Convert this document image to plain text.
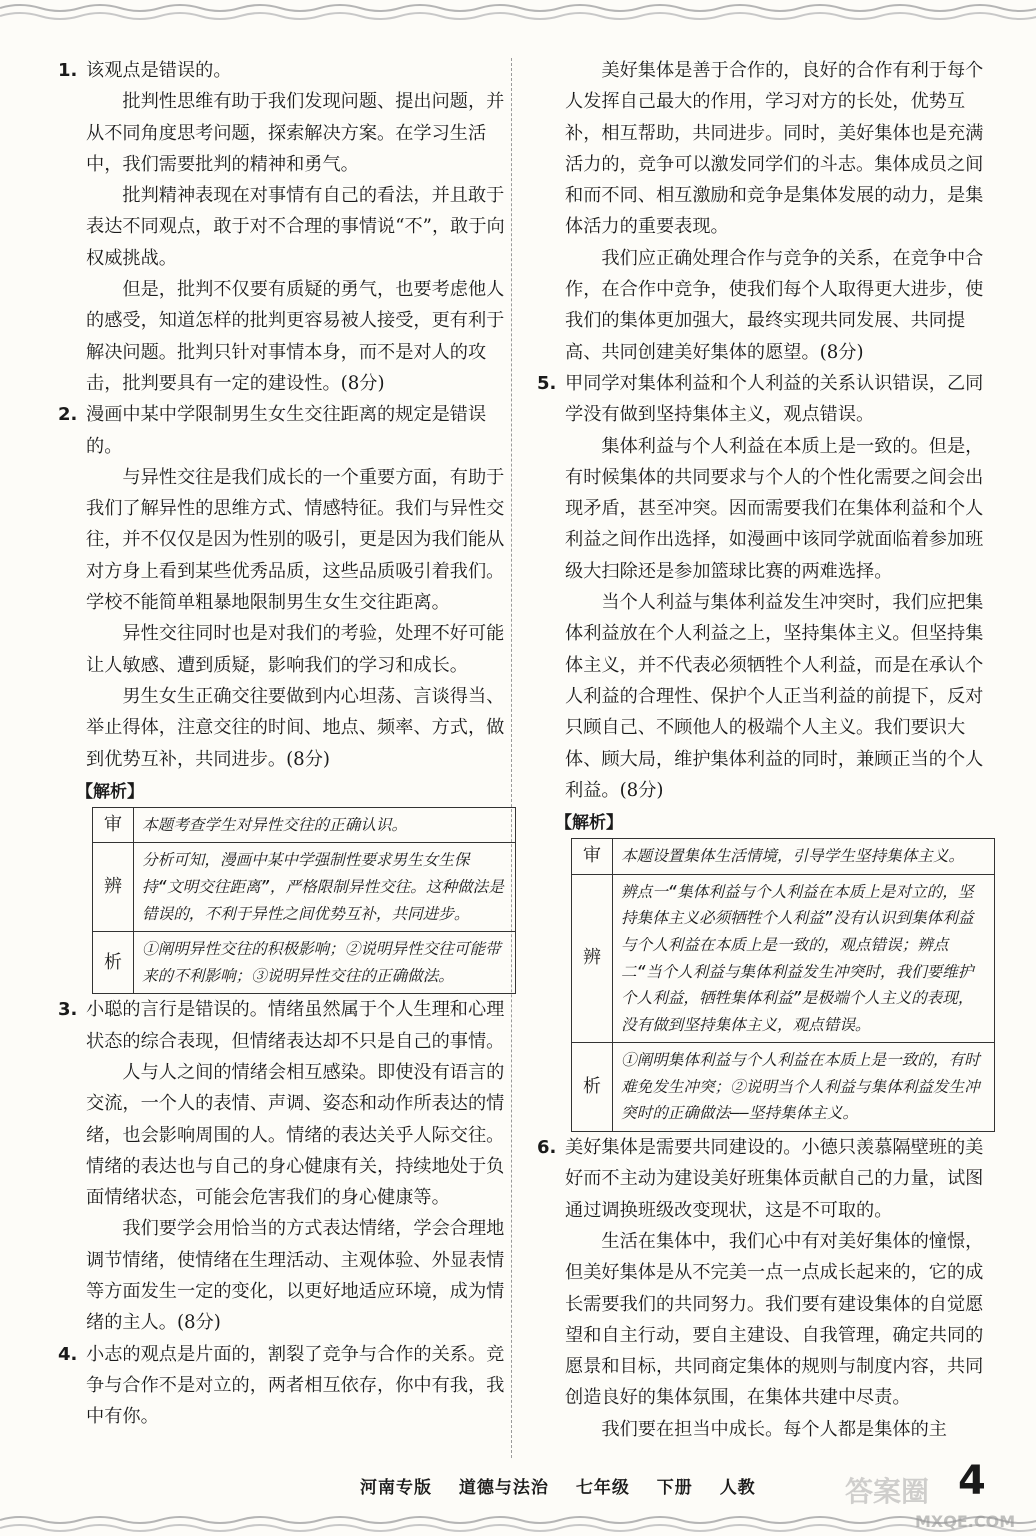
1. 该观点是错误的。

批判性思维有助于我们发现问题、提出问题，并从不同角度思考问题，探索解决方案。在学习生活中，我们需要批判的精神和勇气。

批判精神表现在对事情有自己的看法，并且敢于表达不同观点，敢于对不合理的事情说“不”，敢于向权威挑战。

但是，批判不仅要有质疑的勇气，也要考虑他人的感受，知道怎样的批判更容易被人接受，更有利于解决问题。批判只针对事情本身，而不是对人的攻击，批判要具有一定的建设性。(8分)

2. 漫画中某中学限制男生女生交往距离的规定是错误的。

与异性交往是我们成长的一个重要方面，有助于我们了解异性的思维方式、情感特征。我们与异性交往，并不仅仅是因为性别的吸引，更是因为我们能从对方身上看到某些优秀品质，这些品质吸引着我们。学校不能简单粗暴地限制男生女生交往距离。

异性交往同时也是对我们的考验，处理不好可能让人敏感、遭到质疑，影响我们的学习和成长。

男生女生正确交往要做到内心坦荡、言谈得当、举止得体，注意交往的时间、地点、频率、方式，做到优势互补，共同进步。(8分)

【解析】
审	本题考查学生对异性交往的正确认识。
辨	分析可知，漫画中某中学强制性要求男生女生保持“文明交往距离”，严格限制异性交往。这种做法是错误的，不利于异性之间优势互补，共同进步。
析	①阐明异性交往的积极影响；②说明异性交往可能带来的不利影响；③说明异性交往的正确做法。
3. 小聪的言行是错误的。情绪虽然属于个人生理和心理状态的综合表现，但情绪表达却不只是自己的事情。

人与人之间的情绪会相互感染。即使没有语言的交流，一个人的表情、声调、姿态和动作所表达的情绪，也会影响周围的人。情绪的表达关乎人际交往。情绪的表达也与自己的身心健康有关，持续地处于负面情绪状态，可能会危害我们的身心健康等。

我们要学会用恰当的方式表达情绪，学会合理地调节情绪，使情绪在生理活动、主观体验、外显表情等方面发生一定的变化，以更好地适应环境，成为情绪的主人。(8分)

4. 小志的观点是片面的，割裂了竞争与合作的关系。竞争与合作不是对立的，两者相互依存，你中有我，我中有你。

美好集体是善于合作的，良好的合作有利于每个人发挥自己最大的作用，学习对方的长处，优势互补，相互帮助，共同进步。同时，美好集体也是充满活力的，竞争可以激发同学们的斗志。集体成员之间和而不同、相互激励和竞争是集体发展的动力，是集体活力的重要表现。

我们应正确处理合作与竞争的关系，在竞争中合作，在合作中竞争，使我们每个人取得更大进步，使我们的集体更加强大，最终实现共同发展、共同提高、共同创建美好集体的愿望。(8分)

5. 甲同学对集体利益和个人利益的关系认识错误，乙同学没有做到坚持集体主义，观点错误。

集体利益与个人利益在本质上是一致的。但是，有时候集体的共同要求与个人的个性化需要之间会出现矛盾，甚至冲突。因而需要我们在集体利益和个人利益之间作出选择，如漫画中该同学就面临着参加班级大扫除还是参加篮球比赛的两难选择。

当个人利益与集体利益发生冲突时，我们应把集体利益放在个人利益之上，坚持集体主义。但坚持集体主义，并不代表必须牺牲个人利益，而是在承认个人利益的合理性、保护个人正当利益的前提下，反对只顾自己、不顾他人的极端个人主义。我们要识大体、顾大局，维护集体利益的同时，兼顾正当的个人利益。(8分)

【解析】
审	本题设置集体生活情境，引导学生坚持集体主义。
辨	辨点一“集体利益与个人利益在本质上是对立的，坚持集体主义必须牺牲个人利益”没有认识到集体利益与个人利益在本质上是一致的，观点错误；辨点二“当个人利益与集体利益发生冲突时，我们要维护个人利益，牺牲集体利益”是极端个人主义的表现，没有做到坚持集体主义，观点错误。
析	①阐明集体利益与个人利益在本质上是一致的，有时难免发生冲突；②说明当个人利益与集体利益发生冲突时的正确做法——坚持集体主义。
6. 美好集体是需要共同建设的。小德只羡慕隔壁班的美好而不主动为建设美好班集体贡献自己的力量，试图通过调换班级改变现状，这是不可取的。

生活在集体中，我们心中有对美好集体的憧憬，但美好集体是从不完美一点一点成长起来的，它的成长需要我们的共同努力。我们要有建设集体的自觉愿望和自主行动，要自主建设、自我管理，确定共同的愿景和目标，共同商定集体的规则与制度内容，共同创造良好的集体氛围，在集体共建中尽责。

我们要在担当中成长。每个人都是集体的主

河南专版 道德与法治 七年级 下册 人教	答案圈
MXQE.COM
4
